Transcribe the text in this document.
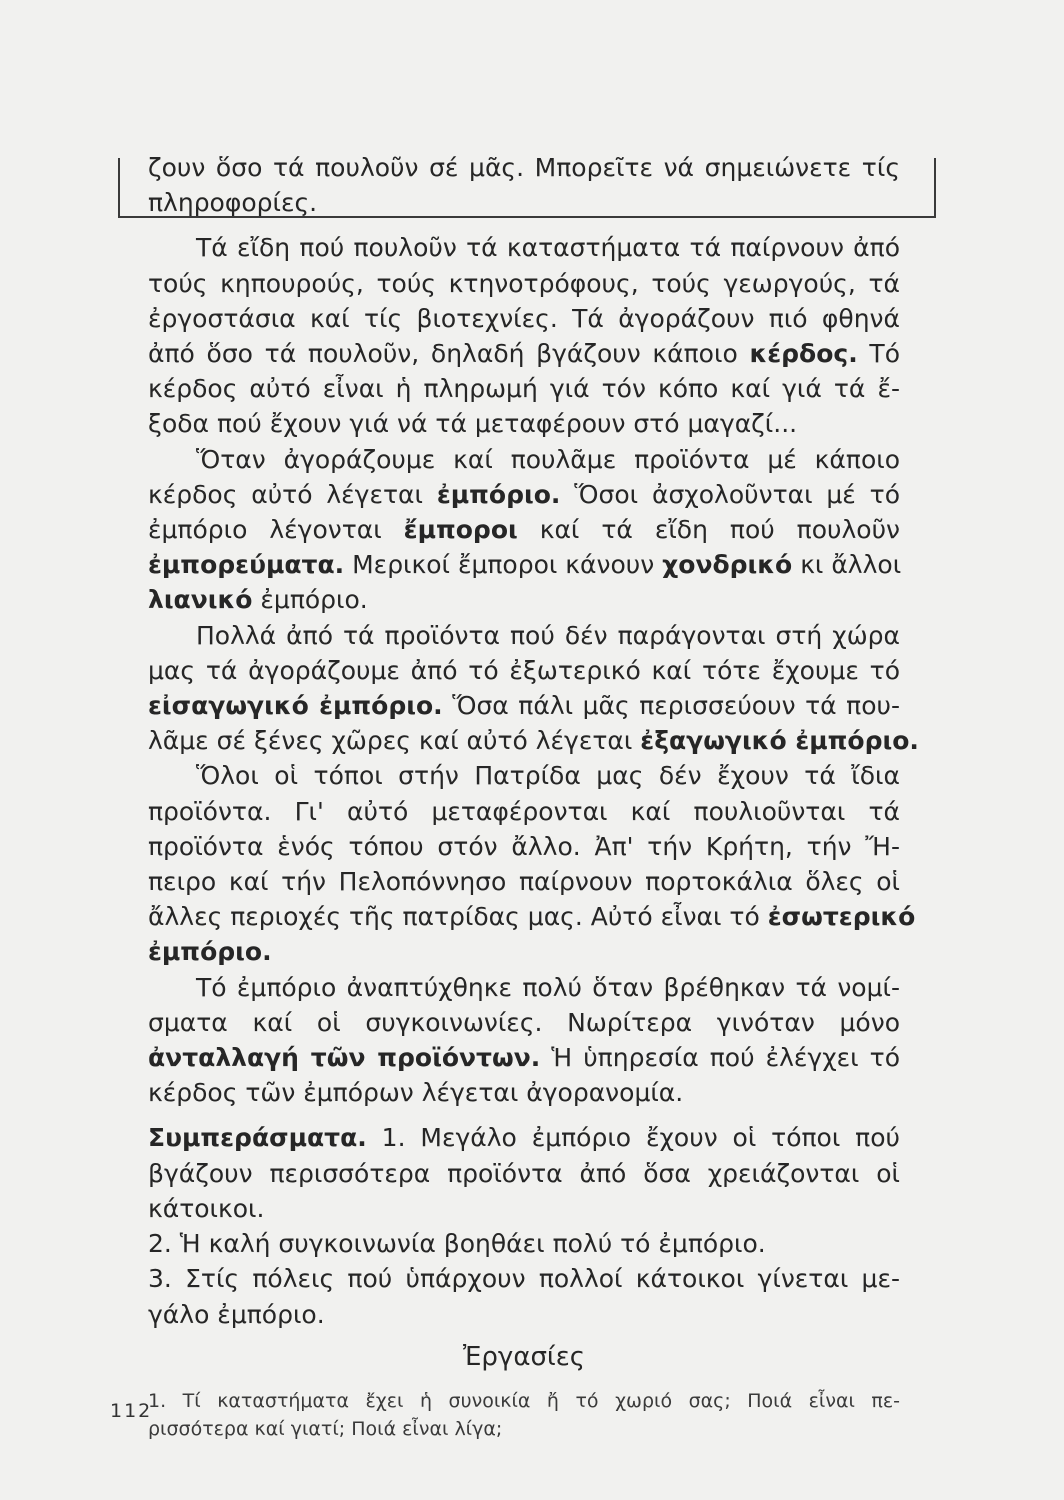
ζουν ὅσο τά πουλοῦν σέ μᾶς. Μπορεῖτε νά σημειώνετε τίς
πληροφορίες.
Τά εἴδη πού πουλοῦν τά καταστήματα τά παίρνουν ἀπό
τούς κηπουρούς, τούς κτηνοτρόφους, τούς γεωργούς, τά
ἐργοστάσια καί τίς βιοτεχνίες. Τά ἀγοράζουν πιό φθηνά
ἀπό ὅσο τά πουλοῦν, δηλαδή βγάζουν κάποιο κέρδος. Τό
κέρδος αὐτό εἶναι ἡ πληρωμή γιά τόν κόπο καί γιά τά ἔ-
ξοδα πού ἔχουν γιά νά τά μεταφέρουν στό μαγαζί...
Ὅταν ἀγοράζουμε καί πουλᾶμε προϊόντα μέ κάποιο
κέρδος αὐτό λέγεται ἐμπόριο. Ὅσοι ἀσχολοῦνται μέ τό
ἐμπόριο λέγονται ἔμποροι καί τά εἴδη πού πουλοῦν
ἐμπορεύματα. Μερικοί ἔμποροι κάνουν χονδρικό κι ἄλλοι
λιανικό ἐμπόριο.
Πολλά ἀπό τά προϊόντα πού δέν παράγονται στή χώρα
μας τά ἀγοράζουμε ἀπό τό ἐξωτερικό καί τότε ἔχουμε τό
εἰσαγωγικό ἐμπόριο. Ὅσα πάλι μᾶς περισσεύουν τά που-
λᾶμε σέ ξένες χῶρες καί αὐτό λέγεται ἐξαγωγικό ἐμπόριο.
Ὅλοι οἱ τόποι στήν Πατρίδα μας δέν ἔχουν τά ἴδια
προϊόντα. Γι' αὐτό μεταφέρονται καί πουλιοῦνται τά
προϊόντα ἑνός τόπου στόν ἄλλο. Ἀπ' τήν Κρήτη, τήν Ἤ-
πειρο καί τήν Πελοπόννησο παίρνουν πορτοκάλια ὅλες οἱ
ἄλλες περιοχές τῆς πατρίδας μας. Αὐτό εἶναι τό ἐσωτερικό
ἐμπόριο.
Τό ἐμπόριο ἀναπτύχθηκε πολύ ὅταν βρέθηκαν τά νομί-
σματα καί οἱ συγκοινωνίες. Νωρίτερα γινόταν μόνο
ἀνταλλαγή τῶν προϊόντων. Ἡ ὑπηρεσία πού ἐλέγχει τό
κέρδος τῶν ἐμπόρων λέγεται ἀγορανομία.
Συμπεράσματα. 1. Μεγάλο ἐμπόριο ἔχουν οἱ τόποι πού
βγάζουν περισσότερα προϊόντα ἀπό ὅσα χρειάζονται οἱ
κάτοικοι.
2. Ἡ καλή συγκοινωνία βοηθάει πολύ τό ἐμπόριο.
3. Στίς πόλεις πού ὑπάρχουν πολλοί κάτοικοι γίνεται με-
γάλο ἐμπόριο.
Ἐργασίες
1. Τί καταστήματα ἔχει ἡ συνοικία ἤ τό χωριό σας; Ποιά εἶναι πε-
ρισσότερα καί γιατί; Ποιά εἶναι λίγα;
112
